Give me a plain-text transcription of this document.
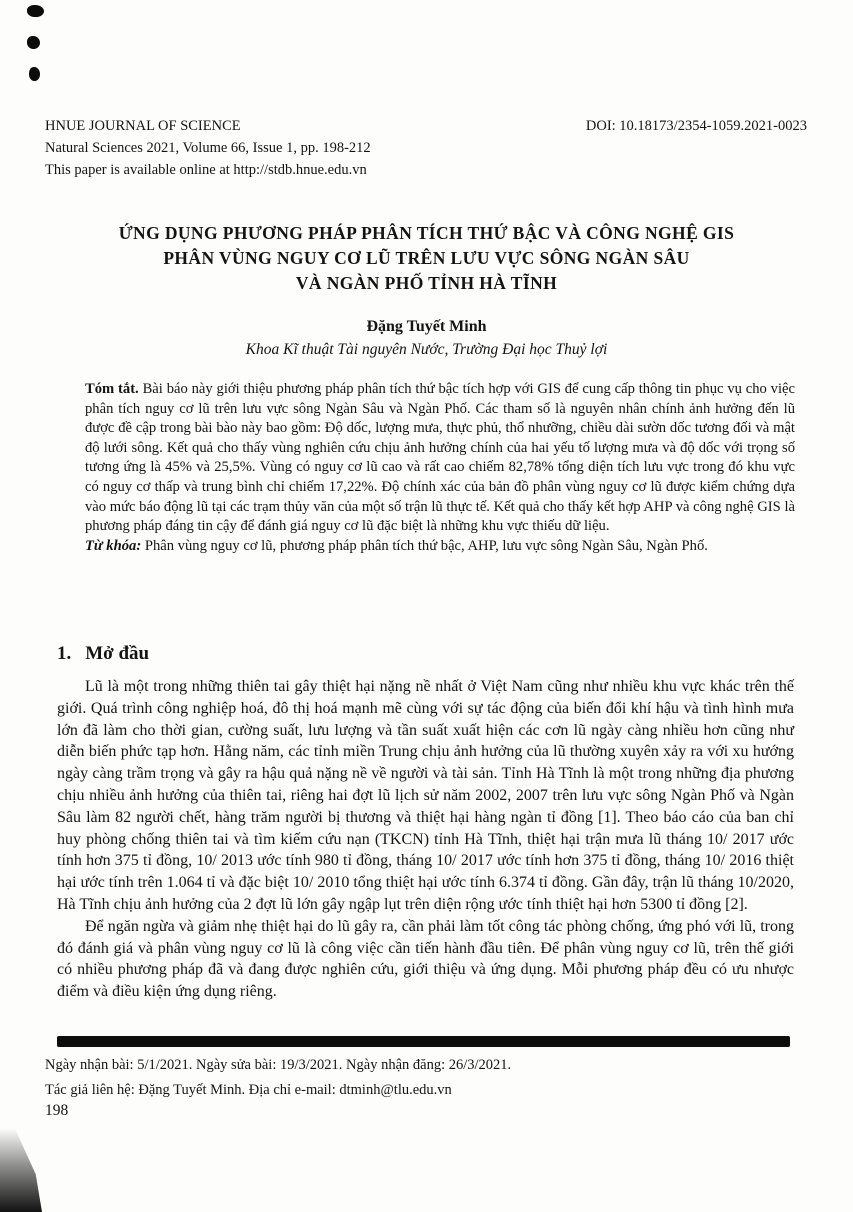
HNUE JOURNAL OF SCIENCE	DOI: 10.18173/2354-1059.2021-0023
Natural Sciences 2021, Volume 66, Issue 1, pp. 198-212
This paper is available online at http://stdb.hnue.edu.vn
ỨNG DỤNG PHƯƠNG PHÁP PHÂN TÍCH THỨ BẬC VÀ CÔNG NGHỆ GIS
PHÂN VÙNG NGUY CƠ LŨ TRÊN LƯU VỰC SÔNG NGÀN SÂU
VÀ NGÀN PHỐ TỈNH HÀ TĨNH
Đặng Tuyết Minh
Khoa Kĩ thuật Tài nguyên Nước, Trường Đại học Thuỷ lợi

Tóm tắt. Bài báo này giới thiệu phương pháp phân tích thứ bậc tích hợp với GIS để cung cấp thông tin phục vụ cho việc phân tích nguy cơ lũ trên lưu vực sông Ngàn Sâu và Ngàn Phố. Các tham số là nguyên nhân chính ảnh hưởng đến lũ được đề cập trong bài bào này bao gồm: Độ dốc, lượng mưa, thực phủ, thổ nhưỡng, chiều dài sườn dốc tương đối và mật độ lưới sông. Kết quả cho thấy vùng nghiên cứu chịu ảnh hưởng chính của hai yếu tố lượng mưa và độ dốc với trọng số tương ứng là 45% và 25,5%. Vùng có nguy cơ lũ cao và rất cao chiếm 82,78% tổng diện tích lưu vực trong đó khu vực có nguy cơ thấp và trung bình chỉ chiếm 17,22%. Độ chính xác của bản đồ phân vùng nguy cơ lũ được kiểm chứng dựa vào mức báo động lũ tại các trạm thủy văn của một số trận lũ thực tế. Kết quả cho thấy kết hợp AHP và công nghệ GIS là phương pháp đáng tin cậy để đánh giá nguy cơ lũ đặc biệt là những khu vực thiếu dữ liệu.

Từ khóa: Phân vùng nguy cơ lũ, phương pháp phân tích thứ bậc, AHP, lưu vực sông Ngàn Sâu, Ngàn Phố.

1. Mở đầu

Lũ là một trong những thiên tai gây thiệt hại nặng nề nhất ở Việt Nam cũng như nhiều khu vực khác trên thế giới. Quá trình công nghiệp hoá, đô thị hoá mạnh mẽ cùng với sự tác động của biến đổi khí hậu và tình hình mưa lớn đã làm cho thời gian, cường suất, lưu lượng và tần suất xuất hiện các cơn lũ ngày càng nhiều hơn cũng như diễn biến phức tạp hơn. Hằng năm, các tỉnh miền Trung chịu ảnh hưởng của lũ thường xuyên xảy ra với xu hướng ngày càng trầm trọng và gây ra hậu quả nặng nề về người và tài sản. Tỉnh Hà Tĩnh là một trong những địa phương chịu nhiều ảnh hưởng của thiên tai, riêng hai đợt lũ lịch sử năm 2002, 2007 trên lưu vực sông Ngàn Phố và Ngàn Sâu làm 82 người chết, hàng trăm người bị thương và thiệt hại hàng ngàn tỉ đồng [1]. Theo báo cáo của ban chỉ huy phòng chống thiên tai và tìm kiếm cứu nạn (TKCN) tỉnh Hà Tĩnh, thiệt hại trận mưa lũ tháng 10/ 2017 ước tính hơn 375 tỉ đồng, 10/ 2013 ước tính 980 tỉ đồng, tháng 10/ 2017 ước tính hơn 375 tỉ đồng, tháng 10/ 2016 thiệt hại ước tính trên 1.064 tỉ và đặc biệt 10/ 2010 tổng thiệt hại ước tính 6.374 tỉ đồng. Gần đây, trận lũ tháng 10/2020, Hà Tĩnh chịu ảnh hưởng của 2 đợt lũ lớn gây ngập lụt trên diện rộng ước tính thiệt hại hơn 5300 tỉ đồng [2].

Để ngăn ngừa và giảm nhẹ thiệt hại do lũ gây ra, cần phải làm tốt công tác phòng chống, ứng phó với lũ, trong đó đánh giá và phân vùng nguy cơ lũ là công việc cần tiến hành đầu tiên. Để phân vùng nguy cơ lũ, trên thế giới có nhiều phương pháp đã và đang được nghiên cứu, giới thiệu và ứng dụng. Mỗi phương pháp đều có ưu nhược điểm và điều kiện ứng dụng riêng.

Ngày nhận bài: 5/1/2021. Ngày sửa bài: 19/3/2021. Ngày nhận đăng: 26/3/2021.
Tác giả liên hệ: Đặng Tuyết Minh. Địa chỉ e-mail: dtminh@tlu.edu.vn
198
